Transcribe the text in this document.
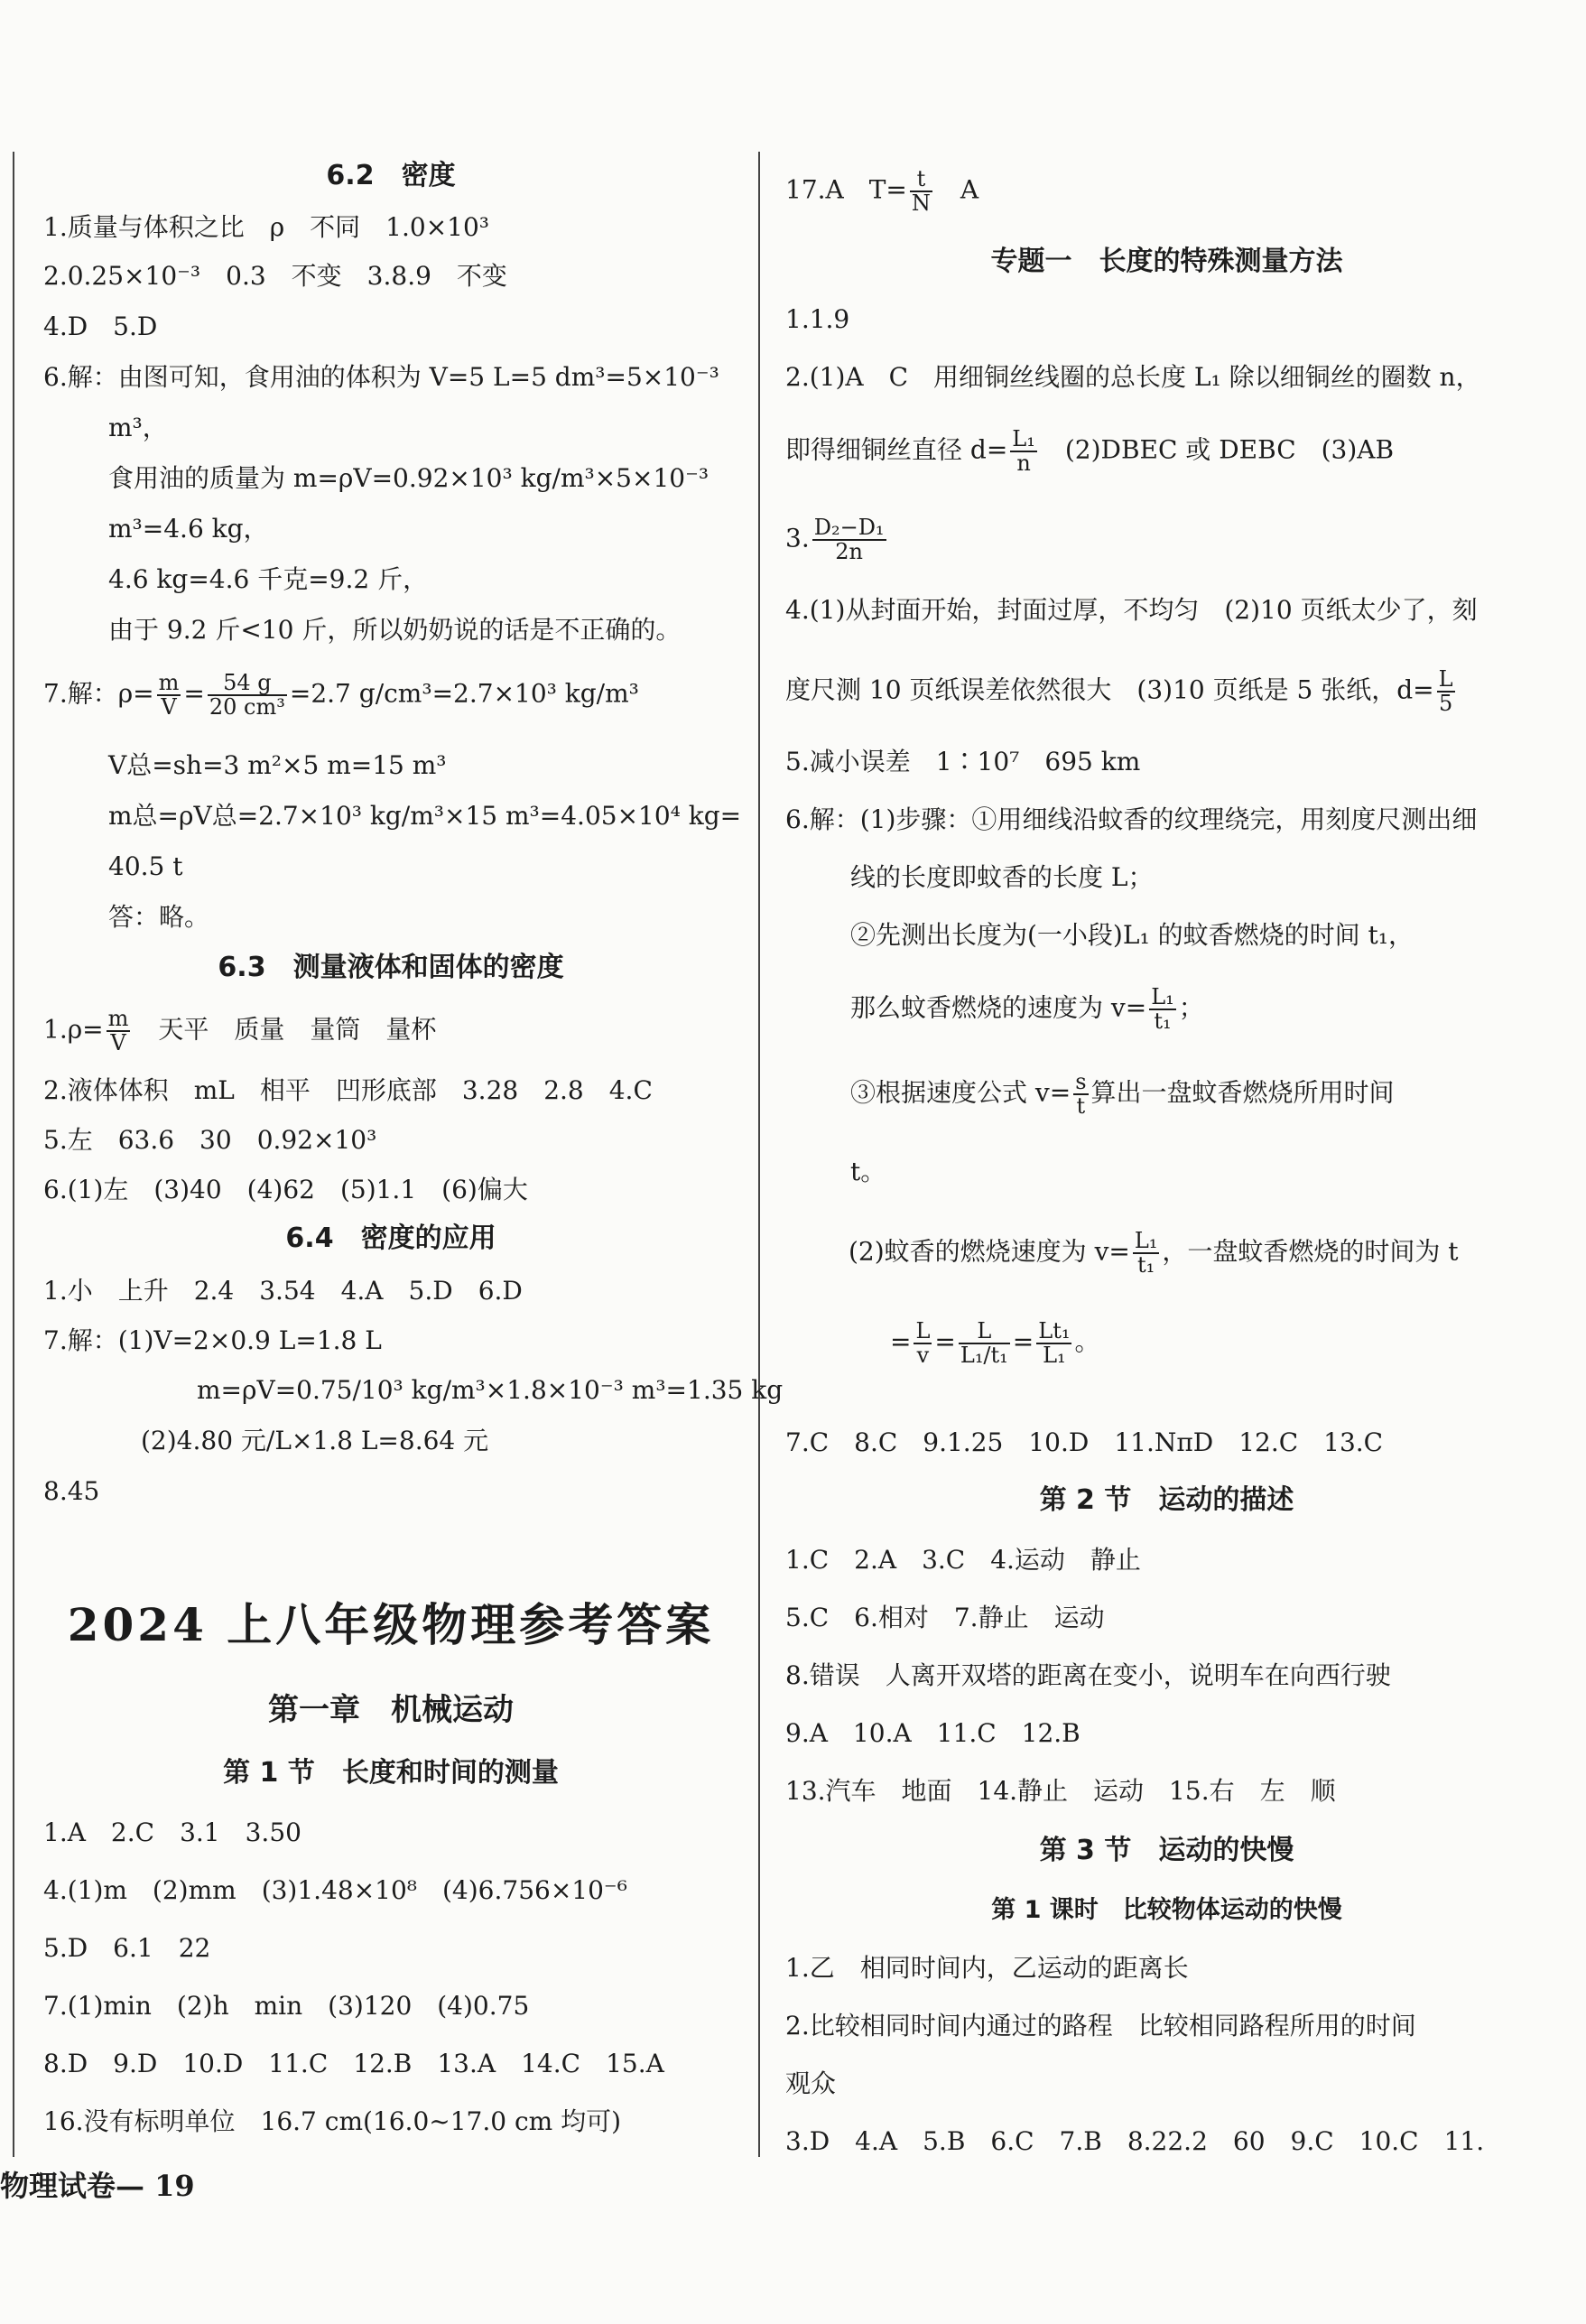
6.2　密度
1.质量与体积之比　ρ　不同　1.0×10³
2.0.25×10⁻³　0.3　不变　3.8.9　不变
4.D　5.D
6.解：由图可知，食用油的体积为 V=5 L=5 dm³=5×10⁻³
m³，
食用油的质量为 m=ρV=0.92×10³ kg/m³×5×10⁻³
m³=4.6 kg，
4.6 kg=4.6 千克=9.2 斤，
由于 9.2 斤<10 斤，所以奶奶说的话是不正确的。
7.解：$\rho= \frac{m}{V} = \frac{54 g}{\text{20 cm³}} =2.7$ g/cm³=2.7×10³ kg/m³
V总=sh=3 m²×5 m=15 m³
m总=ρV总=2.7×10³ kg/m³×15 m³=4.05×10⁴ kg=
40.5 t
答：略。
6.3　测量液体和固体的密度
$1.\rho= \frac{m}{V}$ 　天平　质量　量筒　量杯
2.液体体积　mL　相平　凹形底部　3.28　2.8　4.C
5.左　63.6　30　0.92×10³
6.(1)左　(3)40　(4)62　(5)1.1　(6)偏大
6.4　密度的应用
1.小　上升　2.4　3.54　4.A　5.D　6.D
7.解：(1)V=2×0.9 L=1.8 L
m=ρV=0.75/10³ kg/m³×1.8×10⁻³ m³=1.35 kg
(2)4.80 元/L×1.8 L=8.64 元
8.45
第一章　机械运动
第 1 节　长度和时间的测量
1.A　2.C　3.1　3.50
4.(1)m　(2)mm　(3)1.48×10⁸　(4)6.756×10⁻⁶
5.D　6.1　22
7.(1)min　(2)h　min　(3)120　(4)0.75
8.D　9.D　10.D　11.C　12.B　13.A　14.C　15.A
16.没有标明单位　16.7 cm(16.0~17.0 cm 均可)
2024 上八年级物理参考答案
17.A　$T= \frac{t}{N}$ 　A
专题一　长度的特殊测量方法
1.1.9
2.(1)A　C　用细铜丝线圈的总长度 L₁ 除以细铜丝的圈数 n，
即得细铜丝直径 $d= \frac{\text{L₁}}{n}$ 　(2)DBEC 或 DEBC　(3)AB
3. $\frac{\text{D₂−D₁}}{2n}$
4.(1)从封面开始，封面过厚，不均匀　(2)10 页纸太少了，刻
度尺测 10 页纸误差依然很大　(3)10 页纸是 5 张纸，$d= \frac{L}{5}$
5.减小误差　1∶10⁷　695 km
6.解：(1)步骤：①用细线沿蚊香的纹理绕完，用刻度尺测出细
线的长度即蚊香的长度 L；
②先测出长度为(一小段)L₁ 的蚊香燃烧的时间 t₁，
那么蚊香燃烧的速度为 $v= \frac{\text{L₁}}{\text{t₁}}$ ；
③根据速度公式 $v= \frac{s}{t}$ 算出一盘蚊香燃烧所用时间
t。
(2)蚊香的燃烧速度为 $v= \frac{\text{L₁}}{\text{t₁}}$ ，一盘蚊香燃烧的时间为 t
= $\frac{L}{v} = \frac{L}{\text{L₁/t₁}} = \frac{\text{Lt₁}}{\text{L₁}}$ 。
7.C　8.C　9.1.25　10.D　11.NπD　12.C　13.C
第 2 节　运动的描述
1.C　2.A　3.C　4.运动　静止
5.C　6.相对　7.静止　运动
8.错误　人离开双塔的距离在变小，说明车在向西行驶
9.A　10.A　11.C　12.B
13.汽车　地面　14.静止　运动　15.右　左　顺
第 3 节　运动的快慢
第 1 课时　比较物体运动的快慢
1.乙　相同时间内，乙运动的距离长
2.比较相同时间内通过的路程　比较相同路程所用的时间
观众
3.D　4.A　5.B　6.C　7.B　8.22.2　60　9.C　10.C　11.
物理试卷— 19
